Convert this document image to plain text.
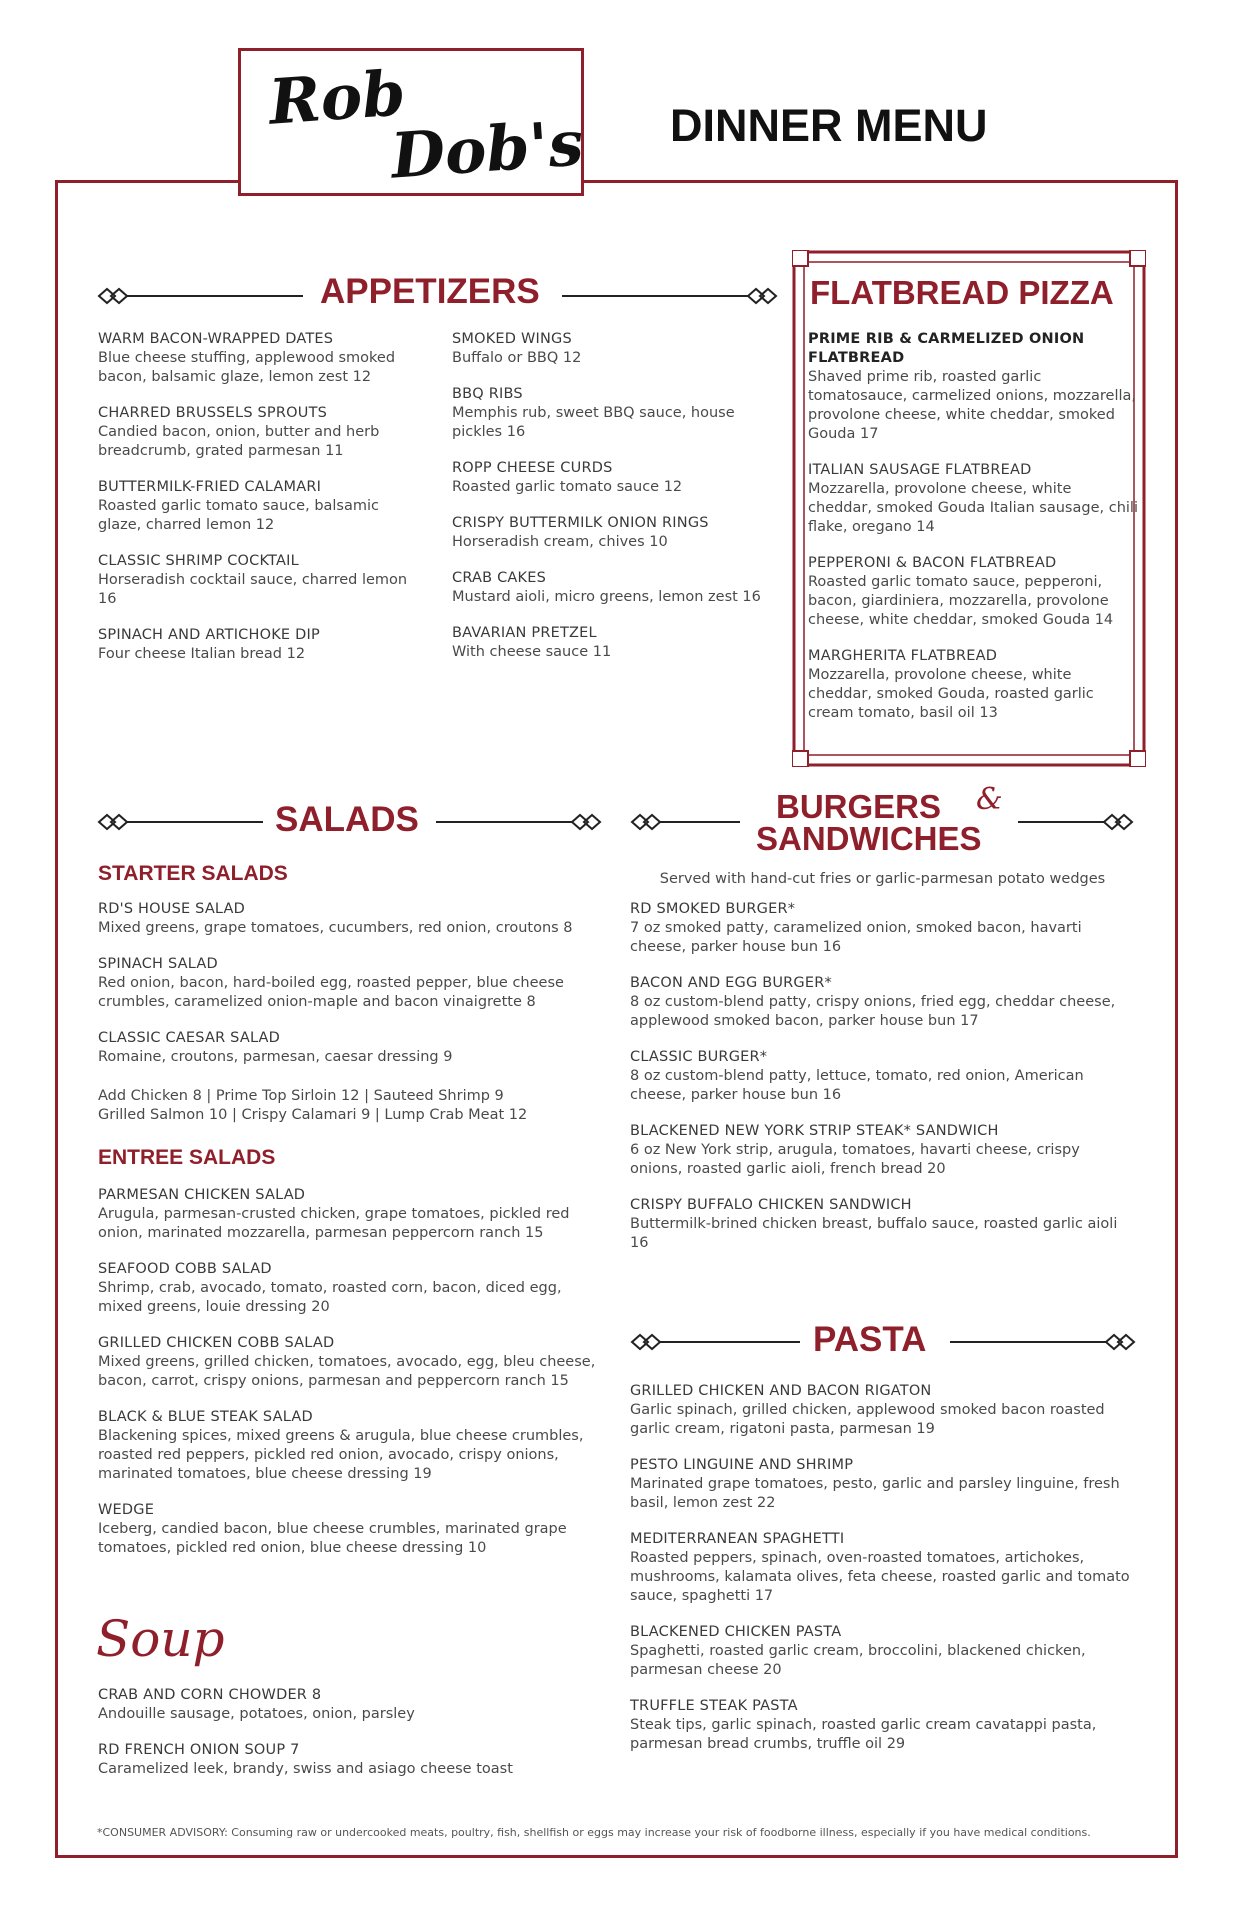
Rob
Dob's DINNER MENU
APPETIZERS
WARM BACON-WRAPPED DATES
Blue cheese stuffing, applewood smoked bacon, balsamic glaze, lemon zest 12
CHARRED BRUSSELS SPROUTS
Candied bacon, onion, butter and herb breadcrumb, grated parmesan 11
BUTTERMILK-FRIED CALAMARI
Roasted garlic tomato sauce, balsamic glaze, charred lemon 12
CLASSIC SHRIMP COCKTAIL
Horseradish cocktail sauce, charred lemon 16
SPINACH AND ARTICHOKE DIP
Four cheese Italian bread 12
SMOKED WINGS
Buffalo or BBQ 12
BBQ RIBS
Memphis rub, sweet BBQ sauce, house pickles 16
ROPP CHEESE CURDS
Roasted garlic tomato sauce 12
CRISPY BUTTERMILK ONION RINGS
Horseradish cream, chives 10
CRAB CAKES
Mustard aioli, micro greens, lemon zest 16
BAVARIAN PRETZEL
With cheese sauce 11
FLATBREAD PIZZA
PRIME RIB & CARMELIZED ONION FLATBREAD
Shaved prime rib, roasted garlic tomatosauce, carmelized onions, mozzarella, provolone cheese, white cheddar, smoked Gouda 17
ITALIAN SAUSAGE FLATBREAD
Mozzarella, provolone cheese, white cheddar, smoked Gouda Italian sausage, chili flake, oregano 14
PEPPERONI & BACON FLATBREAD
Roasted garlic tomato sauce, pepperoni, bacon, giardiniera, mozzarella, provolone cheese, white cheddar, smoked Gouda 14
MARGHERITA FLATBREAD
Mozzarella, provolone cheese, white cheddar, smoked Gouda, roasted garlic cream tomato, basil oil 13
SALADS
STARTER SALADS
RD'S HOUSE SALAD
Mixed greens, grape tomatoes, cucumbers, red onion, croutons 8
SPINACH SALAD
Red onion, bacon, hard-boiled egg, roasted pepper, blue cheese crumbles, caramelized onion-maple and bacon vinaigrette 8
CLASSIC CAESAR SALAD
Romaine, croutons, parmesan, caesar dressing 9
Add Chicken 8 | Prime Top Sirloin 12 | Sauteed Shrimp 9
Grilled Salmon 10 | Crispy Calamari 9 | Lump Crab Meat 12
ENTREE SALADS
PARMESAN CHICKEN SALAD
Arugula, parmesan-crusted chicken, grape tomatoes, pickled red onion, marinated mozzarella, parmesan peppercorn ranch 15
SEAFOOD COBB SALAD
Shrimp, crab, avocado, tomato, roasted corn, bacon, diced egg, mixed greens, louie dressing 20
GRILLED CHICKEN COBB SALAD
Mixed greens, grilled chicken, tomatoes, avocado, egg, bleu cheese, bacon, carrot, crispy onions, parmesan and peppercorn ranch 15
BLACK & BLUE STEAK SALAD
Blackening spices, mixed greens & arugula, blue cheese crumbles, roasted red peppers, pickled red onion, avocado, crispy onions, marinated tomatoes, blue cheese dressing 19
WEDGE
Iceberg, candied bacon, blue cheese crumbles, marinated grape tomatoes, pickled red onion, blue cheese dressing 10
Soup
CRAB AND CORN CHOWDER 8
Andouille sausage, potatoes, onion, parsley
RD FRENCH ONION SOUP 7
Caramelized leek, brandy, swiss and asiago cheese toast
BURGERS &
SANDWICHES
Served with hand-cut fries or garlic-parmesan potato wedges
RD SMOKED BURGER*
7 oz smoked patty, caramelized onion, smoked bacon, havarti cheese, parker house bun 16
BACON AND EGG BURGER*
8 oz custom-blend patty, crispy onions, fried egg, cheddar cheese, applewood smoked bacon, parker house bun 17
CLASSIC BURGER*
8 oz custom-blend patty, lettuce, tomato, red onion, American cheese, parker house bun 16
BLACKENED NEW YORK STRIP STEAK* SANDWICH
6 oz New York strip, arugula, tomatoes, havarti cheese, crispy onions, roasted garlic aioli, french bread 20
CRISPY BUFFALO CHICKEN SANDWICH
Buttermilk-brined chicken breast, buffalo sauce, roasted garlic aioli 16
PASTA
GRILLED CHICKEN AND BACON RIGATON
Garlic spinach, grilled chicken, applewood smoked bacon roasted garlic cream, rigatoni pasta, parmesan 19
PESTO LINGUINE AND SHRIMP
Marinated grape tomatoes, pesto, garlic and parsley linguine, fresh basil, lemon zest 22
MEDITERRANEAN SPAGHETTI
Roasted peppers, spinach, oven-roasted tomatoes, artichokes, mushrooms, kalamata olives, feta cheese, roasted garlic and tomato sauce, spaghetti 17
BLACKENED CHICKEN PASTA
Spaghetti, roasted garlic cream, broccolini, blackened chicken, parmesan cheese 20
TRUFFLE STEAK PASTA
Steak tips, garlic spinach, roasted garlic cream cavatappi pasta, parmesan bread crumbs, truffle oil 29
*CONSUMER ADVISORY: Consuming raw or undercooked meats, poultry, fish, shellfish or eggs may increase your risk of foodborne illness, especially if you have medical conditions.
